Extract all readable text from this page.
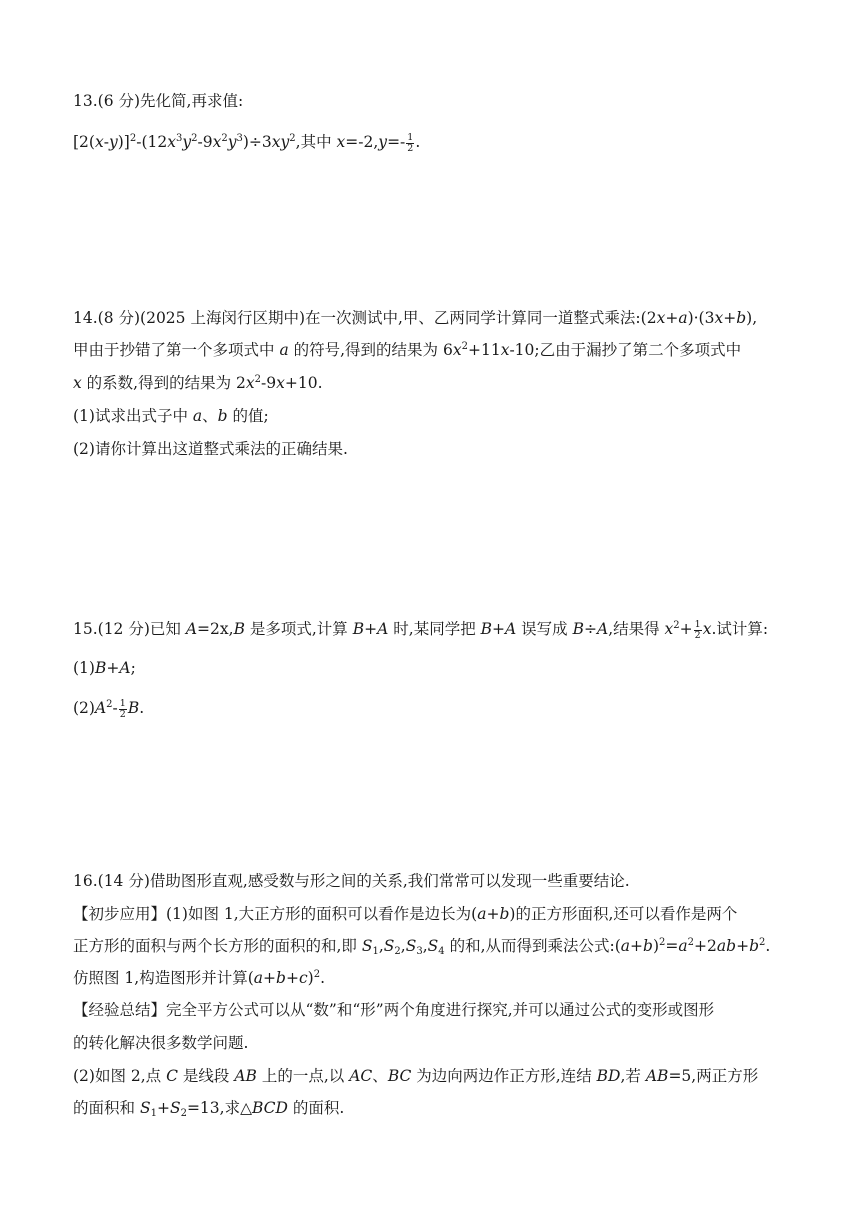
13.(6 分)先化简,再求值:
$[2(x-y)]^2-(12x^3y^2-9x^2y^3)\div 3xy^2$,其中 $x=-2,y=- \frac{1}{2}$ .
14.(8 分)(2025 上海闵行区期中)在一次测试中,甲、乙两同学计算同一道整式乘法:(2x+a)·(3x+b),
甲由于抄错了第一个多项式中 a 的符号,得到的结果为 $6x^2+11x-10$;乙由于漏抄了第二个多项式中
x 的系数,得到的结果为 $2x^2-9x+10$.
(1)试求出式子中 a、b 的值;
(2)请你计算出这道整式乘法的正确结果.
15.(12 分)已知 A=2x,B 是多项式,计算 B+A 时,某同学把 B+A 误写成 B÷A,结果得 $x^2+ \frac{1}{2} x$.试计算:
(1)B+A;
$(2)A^2- \frac{1}{2} B$.
16.(14 分)借助图形直观,感受数与形之间的关系,我们常常可以发现一些重要结论.
【初步应用】(1)如图 1,大正方形的面积可以看作是边长为(a+b)的正方形面积,还可以看作是两个
正方形的面积与两个长方形的面积的和,即 $S_1,S_2,S_3,S_4$ 的和,从而得到乘法公式$:(a+b)^2=a^2+2ab+b^2$.
仿照图 1,构造图形并计算$(a+b+c)^2$.
【经验总结】完全平方公式可以从“数”和“形”两个角度进行探究,并可以通过公式的变形或图形
的转化解决很多数学问题.
(2)如图 2,点 C 是线段 AB 上的一点,以 AC、BC 为边向两边作正方形,连结 BD,若 AB=5,两正方形
的面积和 $S_1+S_2=13$,求△BCD 的面积.
